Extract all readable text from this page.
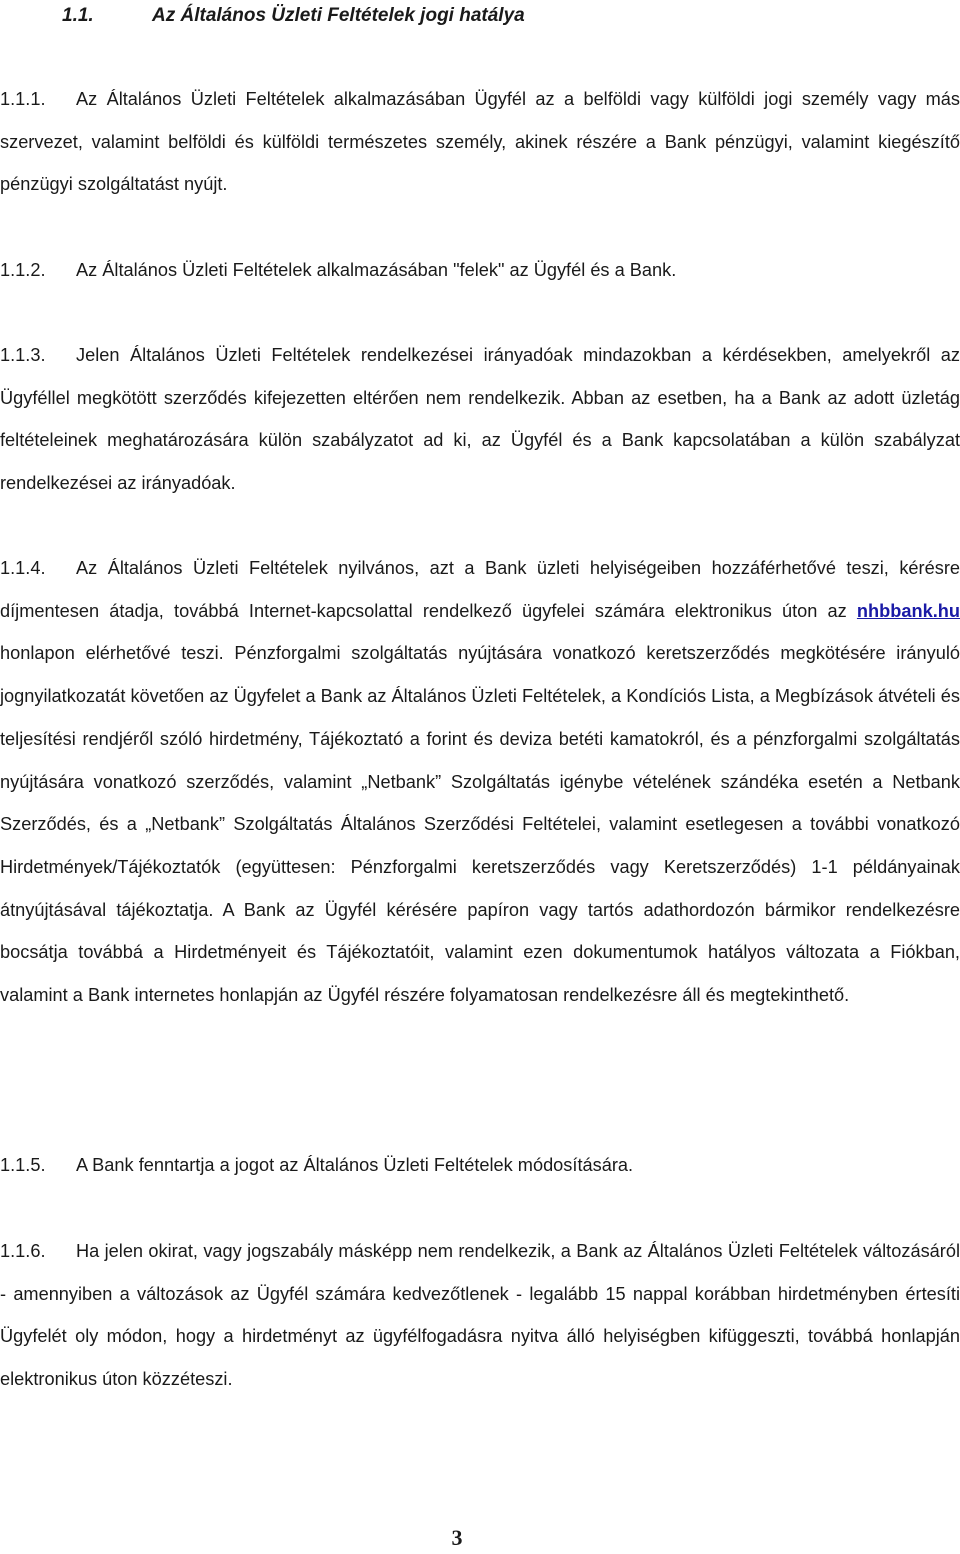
1.1.	Az Általános Üzleti Feltételek jogi hatálya

1.1.1. Az Általános Üzleti Feltételek alkalmazásában Ügyfél az a belföldi vagy külföldi jogi személy vagy más szervezet, valamint belföldi és külföldi természetes személy, akinek részére a Bank pénzügyi, valamint kiegészítő pénzügyi szolgáltatást nyújt.

1.1.2. Az Általános Üzleti Feltételek alkalmazásában "felek" az Ügyfél és a Bank.

1.1.3. Jelen Általános Üzleti Feltételek rendelkezései irányadóak mindazokban a kérdésekben, amelyekről az Ügyféllel megkötött szerződés kifejezetten eltérően nem rendelkezik. Abban az esetben, ha a Bank az adott üzletág feltételeinek meghatározására külön szabályzatot ad ki, az Ügyfél és a Bank kapcsolatában a külön szabályzat rendelkezései az irányadóak.

1.1.4. Az Általános Üzleti Feltételek nyilvános, azt a Bank üzleti helyiségeiben hozzáférhetővé teszi, kérésre díjmentesen átadja, továbbá Internet-kapcsolattal rendelkező ügyfelei számára elektronikus úton az nhbbank.hu honlapon elérhetővé teszi. Pénzforgalmi szolgáltatás nyújtására vonatkozó keretszerződés megkötésére irányuló jognyilatkozatát követően az Ügyfelet a Bank az Általános Üzleti Feltételek, a Kondíciós Lista, a Megbízások átvételi és teljesítési rendjéről szóló hirdetmény, Tájékoztató a forint és deviza betéti kamatokról, és a pénzforgalmi szolgáltatás nyújtására vonatkozó szerződés, valamint „Netbank” Szolgáltatás igénybe vételének szándéka esetén a Netbank Szerződés, és a „Netbank” Szolgáltatás Általános Szerződési Feltételei, valamint esetlegesen a további vonatkozó Hirdetmények/Tájékoztatók (együttesen: Pénzforgalmi keretszerződés vagy Keretszerződés) 1-1 példányainak átnyújtásával tájékoztatja. A Bank az Ügyfél kérésére papíron vagy tartós adathordozón bármikor rendelkezésre bocsátja továbbá a Hirdetményeit és Tájékoztatóit, valamint ezen dokumentumok hatályos változata a Fiókban, valamint a Bank internetes honlapján az Ügyfél részére folyamatosan rendelkezésre áll és megtekinthető.

1.1.5. A Bank fenntartja a jogot az Általános Üzleti Feltételek módosítására.

1.1.6. Ha jelen okirat, vagy jogszabály másképp nem rendelkezik, a Bank az Általános Üzleti Feltételek változásáról - amennyiben a változások az Ügyfél számára kedvezőtlenek - legalább 15 nappal korábban hirdetményben értesíti Ügyfelét oly módon, hogy a hirdetményt az ügyfélfogadásra nyitva álló helyiségben kifüggeszti, továbbá honlapján elektronikus úton közzéteszi.

3
